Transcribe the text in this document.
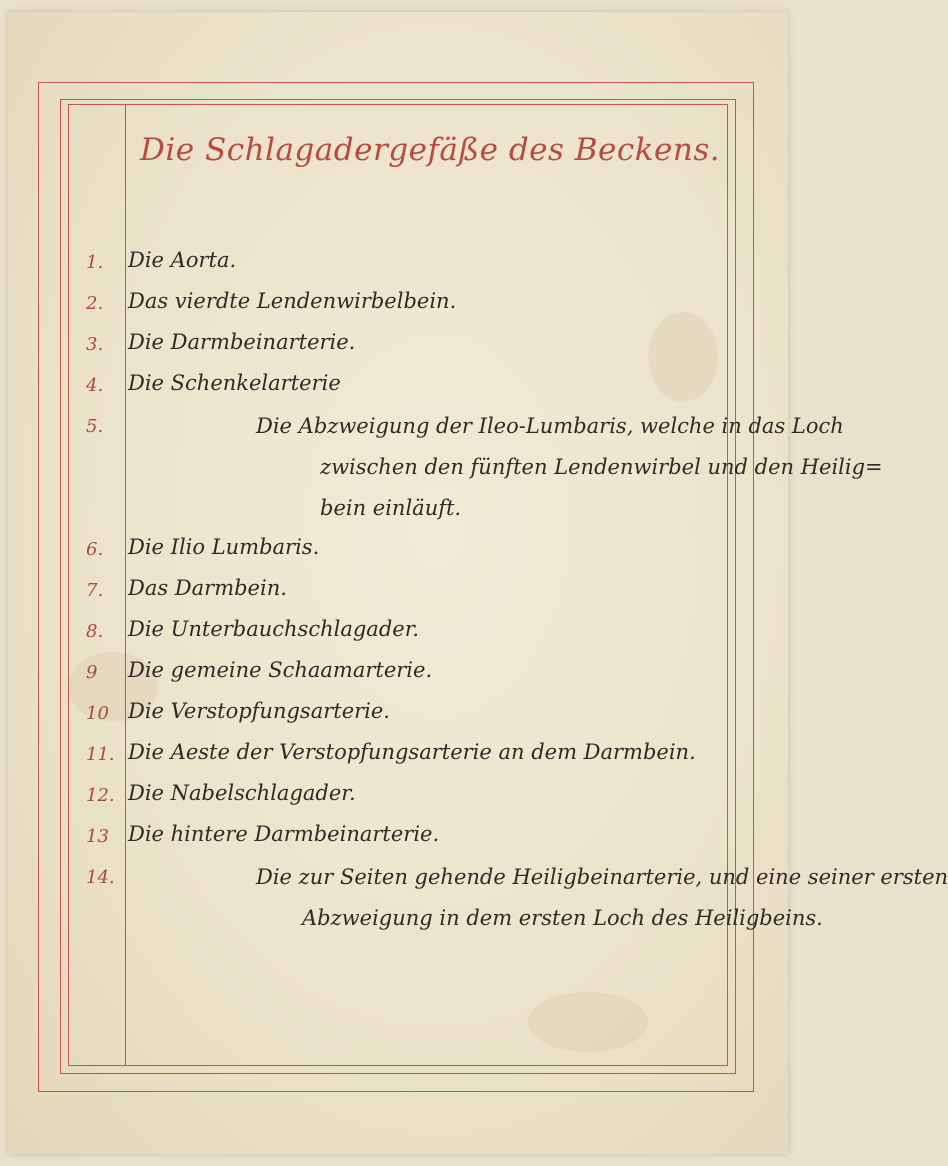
Die Schlagadergefäße des Beckens.
1.	Die Aorta.
2.	Das vierdte Lendenwirbelbein.
3.	Die Darmbeinarterie.
4.	Die Schenkelarterie
5.	Die Abzweigung der Ileo-Lumbaris, welche in das Loch
zwischen den fünften Lendenwirbel und den Heilig=
bein einläuft.
6.	Die Ilio Lumbaris.
7.	Das Darmbein.
8.	Die Unterbauchschlagader.
9	Die gemeine Schaamarterie.
10 Die Verstopfungsarterie.
11. Die Aeste der Verstopfungsarterie an dem Darmbein.
12. Die Nabelschlagader.
13 Die hintere Darmbeinarterie.
14.	Die zur Seiten gehende Heiligbeinarterie, und eine seiner ersten
Abzweigung in dem ersten Loch des Heiligbeins.
